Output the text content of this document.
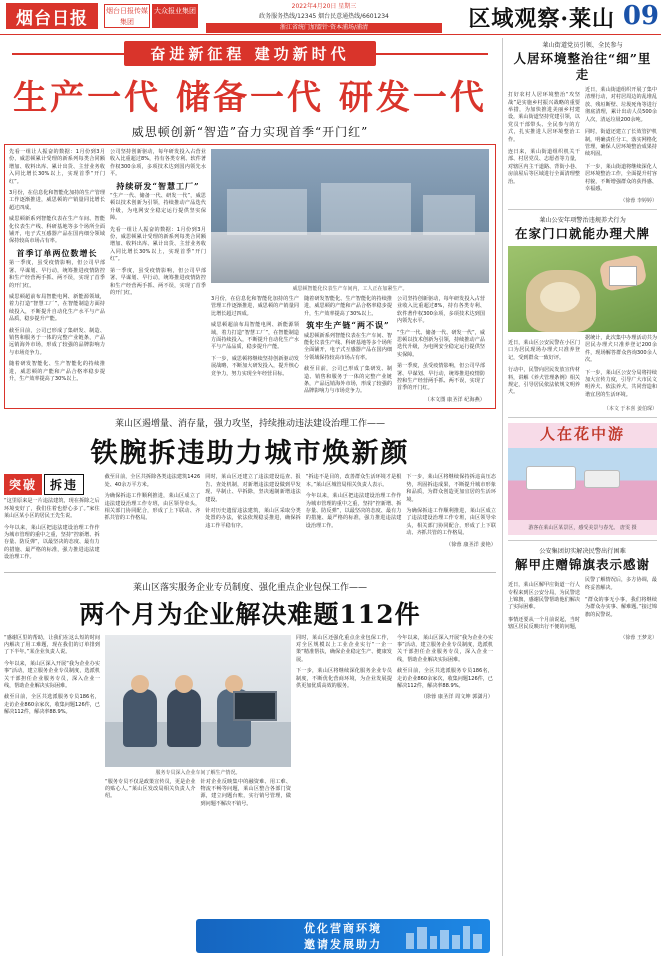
烟台日报	烟台日报传媒集团
大众报业集团
2022年4月20日 星期三
政务服务热线/12345 烟台民意通热线/6601234
浙江省统门加盟针·资本浦场/浦清	区域观察·莱山 09
奋进新征程 建功新时代
生产一代 储备一代 研发一代
威思顿创新“智造”奋力实现首季“开门红”

先看一组让人振奋的数据：1月份到3月份，威思顿累计受理的新系列每类合同额增加、收料出库、累计出货、主营业务收入同比增长30%以上，实现首季“开门红”。

3月份，在信息化和智能化加持的生产管理工作逐渐推进，威思顿的产销量同比增长超过四成。

威思顿新系列智能仪表在生产车间、智能化仪表生产线、科研基地等多个场所全面铺开，电子式互感器产品在国内细分领域保持较高市场占有率。

首季订单两位数增长

第一季度，虽受疫情影响，但公司早部署、早谋划、早行动，统筹推进疫情防控和生产经营两手抓、两不误，实现了首季的开门红。

威思顿超前布局智能电网、新能源领域，着力打造“智慧工厂”，在智能制造方面持续投入，不断提升自动化生产水平与产品品质，稳步提升产能。

截至目前，公司已形成了集研发、制造、销售和服务于一体的完整产业链条，产品远销海外市场，形成了较强的品牌影响力与市场竞争力。

随着研发智能化、生产智能化的持续推进，威思顿的产能和产品合格率稳步提升，生产效率提高了30%以上。

公司坚持创新驱动，每年研发投入占营业收入比重超过8%，持有各类专利、软件著作权300余项，多项技术达到国内领先水平。

持续研发“智慧工厂”

“生产一代、储备一代、研发一代”，威思顿以技术创新为引领，持续推动产品迭代升级，为电网安全稳定运行提供坚实保障。

先看一组让人振奋的数据：1月份到3月份，威思顿累计受理的新系列每类合同额增加、收料出库、累计出货、主营业务收入同比增长30%以上，实现首季“开门红”。

第一季度，虽受疫情影响，但公司早部署、早谋划、早行动，统筹推进疫情防控和生产经营两手抓、两不误，实现了首季的开门红。

威思顿智能化仪表生产车间内，工人正在加紧生产。

3月份，在信息化和智能化加持的生产管理工作逐渐推进，威思顿的产销量同比增长超过四成。

威思顿超前布局智能电网、新能源领域，着力打造“智慧工厂”，在智能制造方面持续投入，不断提升自动化生产水平与产品品质，稳步提升产能。

下一步，威思顿将继续坚持创新驱动发展战略，不断加大研发投入，提升核心竞争力，努力实现全年经营目标。

随着研发智能化、生产智能化的持续推进，威思顿的产能和产品合格率稳步提升，生产效率提高了30%以上。

筑牢生产链“两不误”

威思顿新系列智能仪表在生产车间、智能化仪表生产线、科研基地等多个场所全面铺开，电子式互感器产品在国内细分领域保持较高市场占有率。

截至目前，公司已形成了集研发、制造、销售和服务于一体的完整产业链条，产品远销海外市场，形成了较强的品牌影响力与市场竞争力。

公司坚持创新驱动，每年研发投入占营业收入比重超过8%，持有各类专利、软件著作权300余项，多项技术达到国内领先水平。

“生产一代、储备一代、研发一代”，威思顿以技术创新为引领，持续推动产品迭代升级，为电网安全稳定运行提供坚实保障。

第一季度，虽受疫情影响，但公司早部署、早谋划、早行动，统筹推进疫情防控和生产经营两手抓、两不误，实现了首季的开门红。

（本文图 康圣洋 纪海燕）
莱山区遏增量、消存量，强力攻坚，持续推动违法建设治理工作——
铁腕拆违助力城市焕新颜
突破 拆违

“这里原来是一片违法建筑，现在拆除之后环境变好了，我们住着也舒心多了。”家住莱山区某小区的居民王先生说。

今年以来，莱山区把违法建设治理工作作为城市管理的重中之重，坚持“控新增、拆存量、防反弹”，以最坚决的态度、最有力的措施、最严格的标准，强力推进违法建设治理工作。

截至目前，全区共拆除各类违法建筑1426处、40余万平方米。

为确保拆违工作顺利推进，莱山区成立了违法建设治理工作专班，由区领导牵头，相关部门协同配合，形成了上下联动、齐抓共管的工作格局。

同时，莱山区还建立了违法建设巡查、报告、查处机制，对新增违法建设做到早发现、早制止、早拆除，坚决遏制新增违法建设。

针对历史遗留违法建筑，莱山区采取分类处置的办法，依法依规稳妥推进，确保拆违工作平稳有序。

“拆违不是目的，改善群众生活环境才是根本。”莱山区城管局相关负责人表示。

今年以来，莱山区把违法建设治理工作作为城市管理的重中之重，坚持“控新增、拆存量、防反弹”，以最坚决的态度、最有力的措施、最严格的标准，强力推进违法建设治理工作。

下一步，莱山区将继续保持拆违高压态势，巩固拆违成果，不断提升城市形象和品质，为群众创造更加宜居的生活环境。

为确保拆违工作顺利推进，莱山区成立了违法建设治理工作专班，由区领导牵头，相关部门协同配合，形成了上下联动、齐抓共管的工作格局。

（徐蓉 康圣洋 姜艳）
莱山区落实服务企业专员制度、强化重点企业包保工作——
两个月为企业解决难题112件

“感谢区里的帮助，让我们在这么短的时间内解决了用工难题，现在我们的订单排到了下半年。”某企业负责人说。

今年以来，莱山区深入开展“我为企业办实事”活动，建立服务企业专员制度，选派机关干部担任企业服务专员，深入企业一线，帮助企业解决实际困难。

截至目前，全区共选派服务专员186名，走访企业860余家次，收集问题126件，已解决112件，解决率88.9%。

服务专员深入企业车间了解生产情况。

“服务专员不仅是政策宣传员，更是企业的贴心人。”莱山区发改局相关负责人介绍。

针对企业反映集中的融资难、用工难、物流不畅等问题，莱山区整合各部门资源，建立问题台账，实行销号管理，做到问题不解决不销号。

同时，莱山区还强化重点企业包保工作，对全区规模以上工业企业实行“一企一策”精准帮扶，确保企业稳定生产、健康发展。

下一步，莱山区将继续深化服务企业专员制度，不断优化营商环境，为企业发展提供更加优质高效的服务。

今年以来，莱山区深入开展“我为企业办实事”活动，建立服务企业专员制度，选派机关干部担任企业服务专员，深入企业一线，帮助企业解决实际困难。

截至目前，全区共选派服务专员186名，走访企业860余家次，收集问题126件，已解决112件，解决率88.9%。

（徐蓉 康圣洋 周文坤 郭潇月）
优化营商环境
邀请发展助力
莱山街道党员引领、全民参与
人居环境整治往“细”里走

打好农村人居环境整治“攻坚战”是实施乡村振兴战略的重要举措，为加快推进美丽乡村建设，莱山街道坚持党建引领，以党员干部带头、全民参与的方式，扎实推进人居环境整治工作。

连日来，莱山街道组织机关干部、村居党员、志愿者等力量，对辖区内主干道路、背街小巷、房前屋后等区域进行全面清理整治。

近日，莱山街道组织开展了集中清理行动，对村居周边的乱堆乱放、残垣断壁、垃圾死角等进行彻底清理，累计出动人员500余人次，清运垃圾200余吨。

同时，街道还建立了长效管护机制，明确责任分工，落实网格化管理，确保人居环境整治成果持续巩固。

下一步，莱山街道将继续深化人居环境整治工作，全面提升村容村貌，不断增强群众的获得感、幸福感。

（徐蓉 李婷婷）
莱山公安年项警治违规养犬行为
在家门口就能办理犬牌

近日，莱山区公安民警在小区门口为居民现场办理犬只准养登记，受到群众一致好评。

行动中，民警向居民发放宣传材料，讲解《养犬管理条例》相关规定，引导居民依法依规文明养犬。

据统计，此次集中办理活动共为居民办理犬只准养登记200余件，现场解答群众咨询300余人次。

下一步，莱山区公安分局将持续加大宣传力度，引导广大市民文明养犬、依法养犬，共同营造和谐宜居的生活环境。

（本文 于本喜 姜伯琛）
人在花中游
游客在莱山区某景区，感受美景与春光。 唐雯 摄
公安集团切实解决民警出行困难
解甲庄赠锦旗表示感谢

近日，莱山区解甲庄街道一行人专程来到区公安分局，为民警送上锦旗，感谢民警帮助他们解决了实际困难。

事情还要从一个月前说起，当时辖区居民反映出行不便的问题，民警了解情况后，多方协调，最终妥善解决。

“群众的事无小事，我们将继续为群众办实事、解难题。”接过锦旗的民警说。

（徐蓉 王梦龙）
